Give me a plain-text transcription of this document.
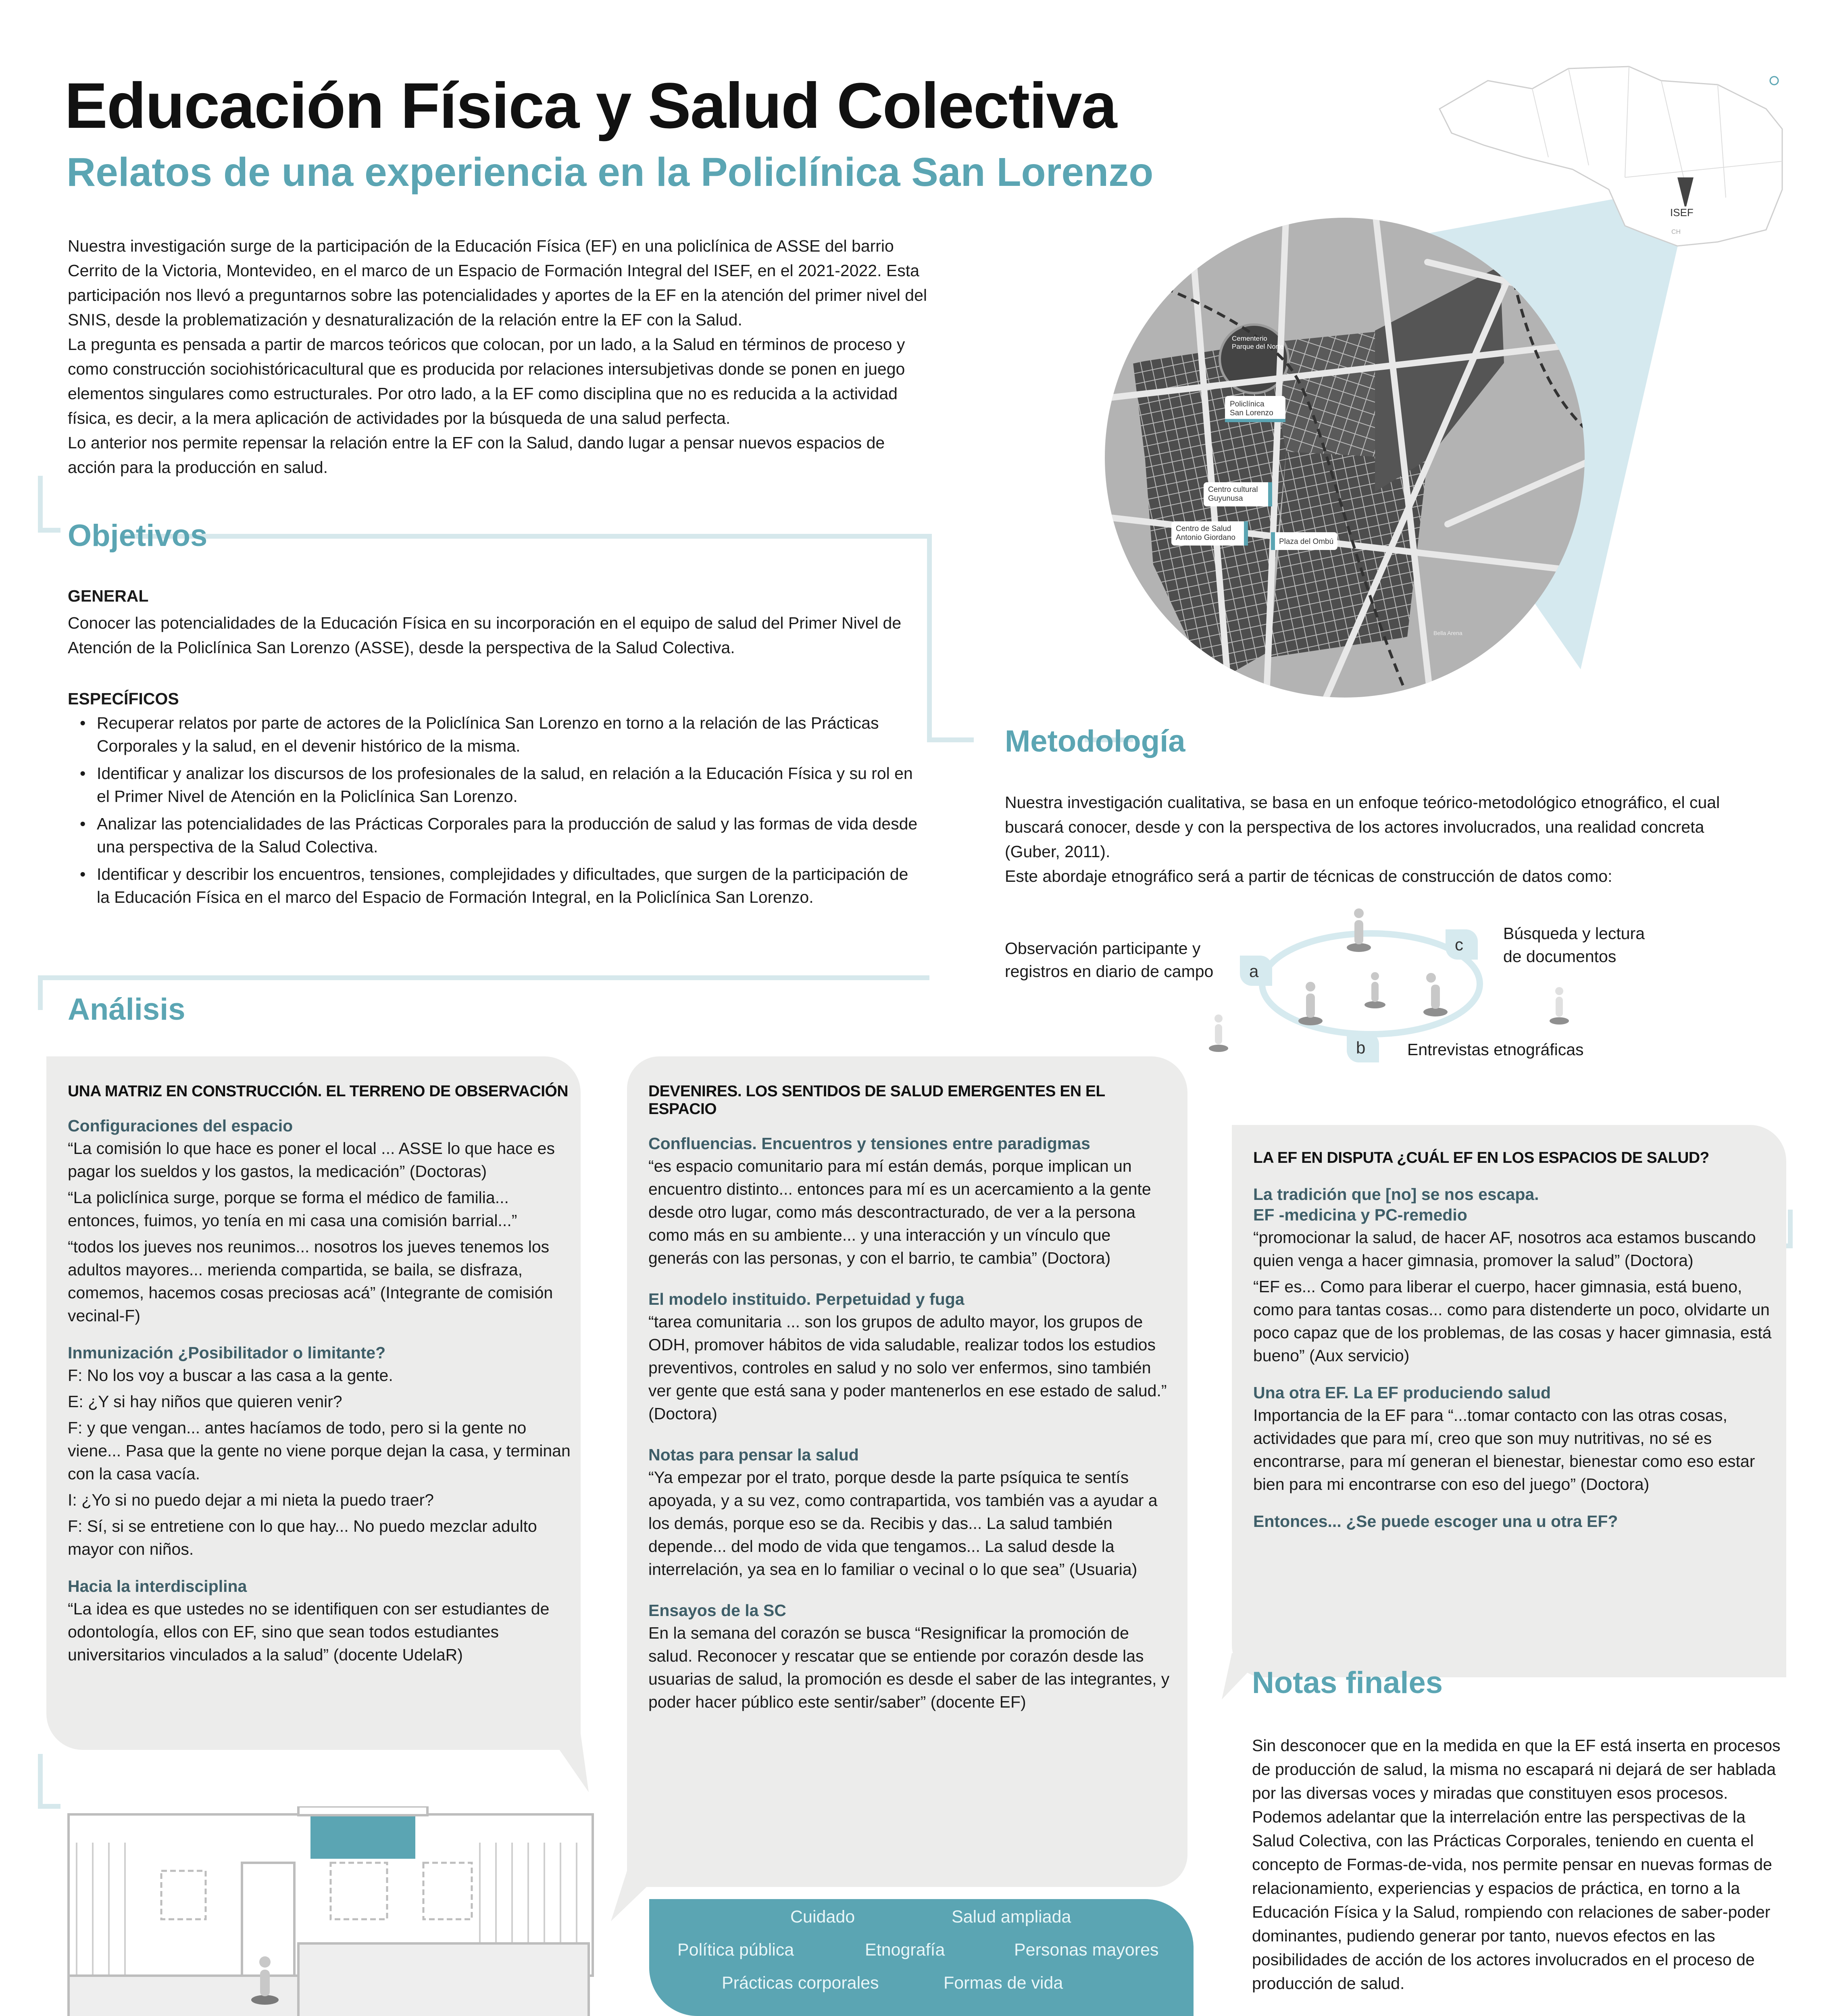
Educación Física y Salud Colectiva
Relatos de una experiencia en la Policlínica San Lorenzo

Nuestra investigación surge de la participación de la Educación Física (EF) en una policlínica de ASSE del barrio Cerrito de la Victoria, Montevideo, en el marco de un Espacio de Formación Integral del ISEF, en el 2021-2022. Esta participación nos llevó a preguntarnos sobre las potencialidades y aportes de la EF en la atención del primer nivel del SNIS, desde la problematización y desnaturalización de la relación entre la EF con la Salud.

La pregunta es pensada a partir de marcos teóricos que colocan, por un lado, a la Salud en términos de proceso y como construcción sociohistóricacultural que es producida por relaciones intersubjetivas donde se ponen en juego elementos singulares como estructurales. Por otro lado, a la EF como disciplina que no es reducida a la actividad física, es decir, a la mera aplicación de actividades por la búsqueda de una salud perfecta.

Lo anterior nos permite repensar la relación entre la EF con la Salud, dando lugar a pensar nuevos espacios de acción para la producción en salud.

Objetivos
GENERAL
Conocer las potencialidades de la Educación Física en su incorporación en el equipo de salud del Primer Nivel de Atención de la Policlínica San Lorenzo (ASSE), desde la perspectiva de la Salud Colectiva.
ESPECÍFICOS
• Recuperar relatos por parte de actores de la Policlínica San Lorenzo en torno a la relación de las Prácticas Corporales y la salud, en el devenir histórico de la misma.
• Identificar y analizar los discursos de los profesionales de la salud, en relación a la Educación Física y su rol en el Primer Nivel de Atención en la Policlínica San Lorenzo.
• Analizar las potencialidades de las Prácticas Corporales para la producción de salud y las formas de vida desde una perspectiva de la Salud Colectiva.
• Identificar y describir los encuentros, tensiones, complejidades y dificultades, que surgen de la participación de la Educación Física en el marco del Espacio de Formación Integral, en la Policlínica San Lorenzo.
Cementerio
Parque del Norte
Policlínica
San Lorenzo
Centro cultural
Guyunusa
Centro de Salud
Antonio Giordano	Plaza del Ombú
Bella Arena
ISEF
CH
Metodología
Nuestra investigación cualitativa, se basa en un enfoque teórico-metodológico etnográfico, el cual buscará conocer, desde y con la perspectiva de los actores involucrados, una realidad concreta (Guber, 2011).
Este abordaje etnográfico será a partir de técnicas de construcción de datos como:
a
b
c
Observación participante y
registros en diario de campo
Entrevistas etnográficas
Búsqueda y lectura
de documentos
Análisis
UNA MATRIZ EN CONSTRUCCIÓN. EL TERRENO DE OBSERVACIÓN
Configuraciones del espacio

“La comisión lo que hace es poner el local ... ASSE lo que hace es pagar los sueldos y los gastos, la medicación” (Doctoras)

“La policlínica surge, porque se forma el médico de familia... entonces, fuimos, yo tenía en mi casa una comisión barrial...”

“todos los jueves nos reunimos... nosotros los jueves tenemos los adultos mayores... merienda compartida, se baila, se disfraza, comemos, hacemos cosas preciosas acá” (Integrante de comisión vecinal-F)

Inmunización ¿Posibilitador o limitante?

F: No los voy a buscar a las casa a la gente.

E: ¿Y si hay niños que quieren venir?

F: y que vengan... antes hacíamos de todo, pero si la gente no viene... Pasa que la gente no viene porque dejan la casa, y terminan con la casa vacía.

I: ¿Yo si no puedo dejar a mi nieta la puedo traer?

F: Sí, si se entretiene con lo que hay... No puedo mezclar adulto mayor con niños.

Hacia la interdisciplina

“La idea es que ustedes no se identifiquen con ser estudiantes de odontología, ellos con EF, sino que sean todos estudiantes universitarios vinculados a la salud” (docente UdelaR)

DEVENIRES. LOS SENTIDOS DE SALUD EMERGENTES EN EL ESPACIO
Confluencias. Encuentros y tensiones entre paradigmas

“es espacio comunitario para mí están demás, porque implican un encuentro distinto... entonces para mí es un acercamiento a la gente desde otro lugar, como más descontracturado, de ver a la persona como más en su ambiente... y una interacción y un vínculo que generás con las personas, y con el barrio, te cambia” (Doctora)

El modelo instituido. Perpetuidad y fuga

“tarea comunitaria ... son los grupos de adulto mayor, los grupos de ODH, promover hábitos de vida saludable, realizar todos los estudios preventivos, controles en salud y no solo ver enfermos, sino también ver gente que está sana y poder mantenerlos en ese estado de salud.” (Doctora)

Notas para pensar la salud

“Ya empezar por el trato, porque desde la parte psíquica te sentís apoyada, y a su vez, como contrapartida, vos también vas a ayudar a los demás, porque eso se da. Recibis y das... La salud también depende... del modo de vida que tengamos... La salud desde la interrelación, ya sea en lo familiar o vecinal o lo que sea” (Usuaria)

Ensayos de la SC

En la semana del corazón se busca “Resignificar la promoción de salud. Reconocer y rescatar que se entiende por corazón desde las usuarias de salud, la promoción es desde el saber de las integrantes, y poder hacer público este sentir/saber” (docente EF)

LA EF EN DISPUTA ¿CUÁL EF EN LOS ESPACIOS DE SALUD?
La tradición que [no] se nos escapa.
EF -medicina y PC-remedio

“promocionar la salud, de hacer AF, nosotros aca estamos buscando quien venga a hacer gimnasia, promover la salud” (Doctora)

“EF es... Como para liberar el cuerpo, hacer gimnasia, está bueno, como para tantas cosas... como para distenderte un poco, olvidarte un poco capaz que de los problemas, de las cosas y hacer gimnasia, está bueno” (Aux servicio)

Una otra EF. La EF produciendo salud

Importancia de la EF para “...tomar contacto con las otras cosas, actividades que para mí, creo que son muy nutritivas, no sé es encontrarse, para mí generan el bienestar, bienestar como eso estar bien para mi encontrarse con eso del juego” (Doctora)

Entonces... ¿Se puede escoger una u otra EF?
Notas finales
Sin desconocer que en la medida en que la EF está inserta en procesos de producción de salud, la misma no escapará ni dejará de ser hablada por las diversas voces y miradas que constituyen esos procesos. Podemos adelantar que la interrelación entre las perspectivas de la Salud Colectiva, con las Prácticas Corporales, teniendo en cuenta el concepto de Formas-de-vida, nos permite pensar en nuevas formas de relacionamiento, experiencias y espacios de práctica, en torno a la Educación Física y la Salud, rompiendo con relaciones de saber-poder dominantes, pudiendo generar por tanto, nuevos efectos en las posibilidades de acción de los actores involucrados en el proceso de producción de salud.
Cuidado	Salud ampliada
Política pública	Etnografía	Personas mayores
Prácticas corporales	Formas de vida
